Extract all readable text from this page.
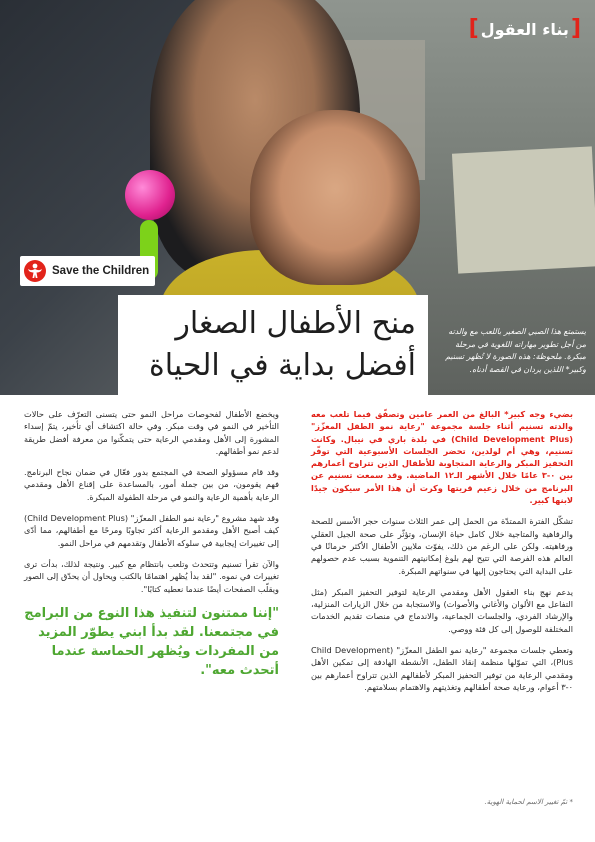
[
بناء العقول
]
Save the Children
منح الأطفال الصغار
أفضل بداية في الحياة
يستمتع هذا الصبي الصغير باللعب مع والدته من أجل تطوير مهاراته اللغوية في مرحلة مبكرة. ملحوظة: هذه الصورة لا تُظهر تسنيم وكبير* اللذين يردان في القصة أدناه.

بضيء وجه كبير* البالغ من العمر عامين وتصفّق فيما تلعب معه والدته تسنيم أثناء جلسة مجموعة "رعاية نمو الطفل المعزّز" (Child Development Plus) في بلدة باري في نيبال. وكانت تسنيم، وهي أم لولدين، تحضر الجلسات الأسبوعية التي توفّر التحفيز المبكر والرعاية المتجاوبة للأطفال الذين تتراوح أعمارهم بين ٠-٣ عامًا خلال الأشهر الـ١٢ الماضية. وقد سمعت تسنيم عن البرنامج من خلال زعيم قريتها وكرت أن هذا الأمر سيكون جيدًا لابنها كبير.

تشكّل الفترة الممتدّة من الحمل إلى عمر الثلاث سنوات حجر الأسس للصحة والرفاهية والمتاجية خلال كامل حياة الإنسان، وتؤثّر على صحة الجيل العقلي ورفاهيته. ولكن على الرغم من ذلك، يفوّت ملايين الأطفال الأكثر حرمانًا في العالم هذه الفرصة التي تتيح لهم بلوغ إمكانيتهم التنموية بسبب عدم حصولهم على البداية التي يحتاجون إليها في سنواتهم المبكرة.

يدعم نهج بناء العقول الأهل ومقدمي الرعاية لتوفير التحفيز المبكر (مثل التفاعل مع الألوان والأغاني والأصوات) والاستجابة من خلال الزيارات المنزلية، والإرشاد الفردي، والجلسات الجماعية، والاندماج في منصات تقديم الخدمات المختلفة للوصول إلى كل فئة ووصي.

وتعطي جلسات مجموعة "رعاية نمو الطفل المعزّز" (Child Development Plus)، التي تموّلها منظمة إنقاذ الطفل، الأنشطة الهادفة إلى تمكين الأهل ومقدمي الرعاية من توفير التحفيز المبكر لأطفالهم الذين تتراوح أعمارهم بين ٠-٣ أعوام، ورعاية صحة أطفالهم وتغذيتهم والاهتمام بسلامتهم.

ويخضع الأطفال لفحوصات مراحل النمو حتى يتسنى التعرّف على حالات التأخير في النمو في وقت مبكر. وفي حالة اكتشاف أي تأخير، يتمّ إسداء المشورة إلى الأهل ومقدمي الرعاية حتى يتمكّنوا من معرفة أفضل طريقة لدعم نمو أطفالهم.

وقد قام مسؤولو الصحة في المجتمع بدور فعّال في ضمان نجاح البرنامج. فهم يقومون، من بين جملة أمور، بالمساعدة على إقناع الأهل ومقدمي الرعاية بأهمية الرعاية والنمو في مرحلة الطفولة المبكرة.

وقد شهد مشروع "رعاية نمو الطفل المعزّز" (Child Development Plus) كيف أصبح الأهل ومقدمو الرعاية أكثر تجاوبًا ومرحًا مع أطفالهم، مما أدّى إلى تغييرات إيجابية في سلوكه الأطفال وتقدمهم في مراحل النمو.

والآن تقرأ تسنيم وتتحدث وتلعب بانتظام مع كبير. ونتيجة لذلك، بدأت ترى تغييرات في نموه. "لقد بدأ يُظهر اهتمامًا بالكتب ويحاول أن يحدّق إلى الصور ويقلّب الصفحات أيضًا عندما نعطيه كتابًا".

"إننا ممتنون لتنفيذ هذا النوع من البرامج في مجتمعنا. لقد بدأ ابني يطوّر المزيد من المفردات ويُظهر الحماسة عندما أتحدث معه".

* تمّ تغيير الاسم لحماية الهوية.
